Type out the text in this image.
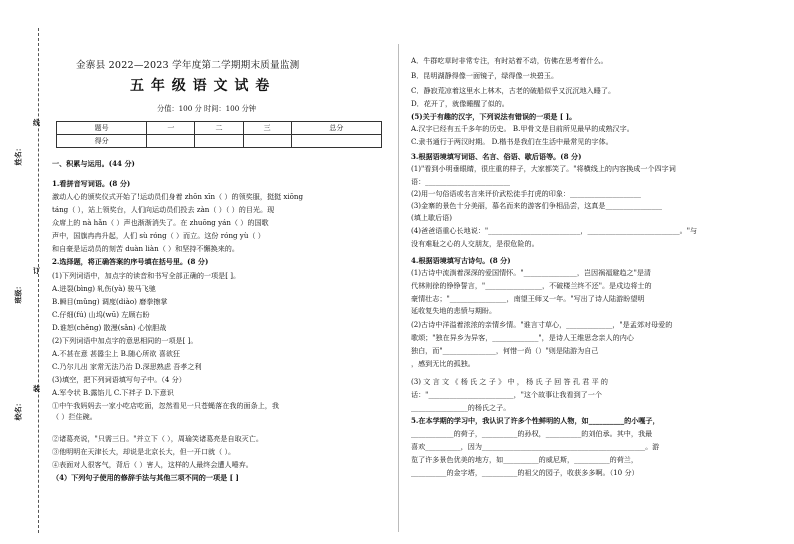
线
姓名：
订
班级：
装
校名：
金寨县 2022—2023 学年度第二学期期末质量监测
五 年 级 语 文 试 卷
分值：100 分 时间：100 分钟
题号	一	二	三	总分
得分				
一、积累与运用。(44 分)
1.看拼音写词语。(8 分)
激动人心的颁奖仪式开始了!运动员们身着 zhōn xīn（ ）的领奖服，挺挺 xiōng
táng（ ），站上领奖台，人们向运动员们投去 zàn（ ）（ ）的目光。现
众席上的 nà hǎn（ ）声也渐渐消失了。在 zhuōng yán（ ）的国歌
声中，国旗冉冉升起，人们 sù róng（ ）而立。这份 róng yù（ ）
和自豪是运动员的刻苦 duàn liàn（ ）和坚持不懈换来的。
2.选择题，将正确答案的序号填在括号里。(8 分)
(1)下列词语中，加点字的读音和书写全部正确的一项是[ ]。
A.迸裂(bìng) 轧伤(yà) 骏马飞驰
B.瞬目(mǔng) 调度(diào) 磨拳擦掌
C.仔细(fú) 山坞(wū) 左顾右盼
D.谁恕(chěng) 散漫(sǎn) 心惊胆战
(2)下列词语中加点字的意思相同的一项是[ ]。
A.不甚在意 甚嚣尘上 B.随心所欲 喜欲狂
C.乃尔儿出 家常无法乃治 D.深思熟虑 吾孝之利
(3)填空，把下列词语填写句子中。（4 分）
A.军令状 B.露馅儿 C.下袢子 D.下意识
①中午我妈妈去一家小吃店吃面，忽然看见一只苍蝇落在我的面条上，我
（ ）拦住碗。
②诸葛亮说，"只需三日。"并立下（ ），周瑜笑诸葛亮是自取灭亡。
③他明明在天津长大，却说是北京长大，但一开口就（ ）。
④表面对人很客气，背后（ ）害人，这样的人最终会遭人唾弃。
（4）下列句子使用的修辞手法与其他三项不同的一项是 [ ]
A．牛群吃草时非常专注，有时站着不动，仿佛在思考着什么。
B．昆明湖静得像一面镜子，绿得像一块碧玉。
C．静寂荒凉着这里水上林木，古老的破船似乎又沉沉地入睡了。
D．花开了，就像睡醒了似的。
(5)关于有趣的汉字，下列说法有错误的一项是 [ ]。
A.汉字已经有五千多年的历史。 B.甲骨文是目前所见最早的成熟汉字。
C.隶书通行于两汉时期。 D.楷书是我们在生活中最常见的字体。
3.根据语境填写词语、名言、俗语、歇后语等。(8 分)
(1)"看到小明垂眼睛，很庄重的样子，大家都笑了。"将横线上的内容换成一个四字词
语：________________________
(2)用一句俗语或名言来评价武松徒手打虎的印象：____________________
(3)金寨的景色十分美丽，慕名而来的游客们争相品尝，这真是________________
(填上歇后语)
(4)爸爸语重心长地说："__________________________，__________________________。"与
没有难耻之心的人交朋友，是很危险的。
4.根据语境填写古诗句。(8 分)
(1)古诗中流淌着深深的爱国情怀。"_______________，岂因祸福避趋之"是清
代林则徐的铮铮誓言，"________________，不破楼兰终不还"。是戍边将士的
豪情壮志；"________________，南望王师又一年。"写出了诗人陆游盼望明
延收复失地的悲愤与期盼。
(2)古诗中洋溢着浓浓的亲情乡情。"谁言寸草心，_____________，"是孟郊对母爱的
歌颂；"独在异乡为异客，_____________"，是诗人王维思念亲人的内心
独白，而"_______________，何惜一尚（）"则是陆游为自己
，感到无比的孤独。
(3) 文 言 文 《 杨 氏 之 子 》 中 ， 杨 氏 子 回 答 孔 君 平 的
话："________________________，"这个故事让我看到了一个
________________的杨氏之子。
5.在本学期的学习中，我认识了许多个性鲜明的人物，如__________的小嘎子，
____________的荷子，__________的孙权，__________的刘伯承。其中，我最
喜欢__________，因为______________________________________________。游
览了许多景色优美的地方，如__________的威尼斯，__________的荷兰，
__________的金字塔，__________的祖父的园子，收获多多啊。（10 分）
